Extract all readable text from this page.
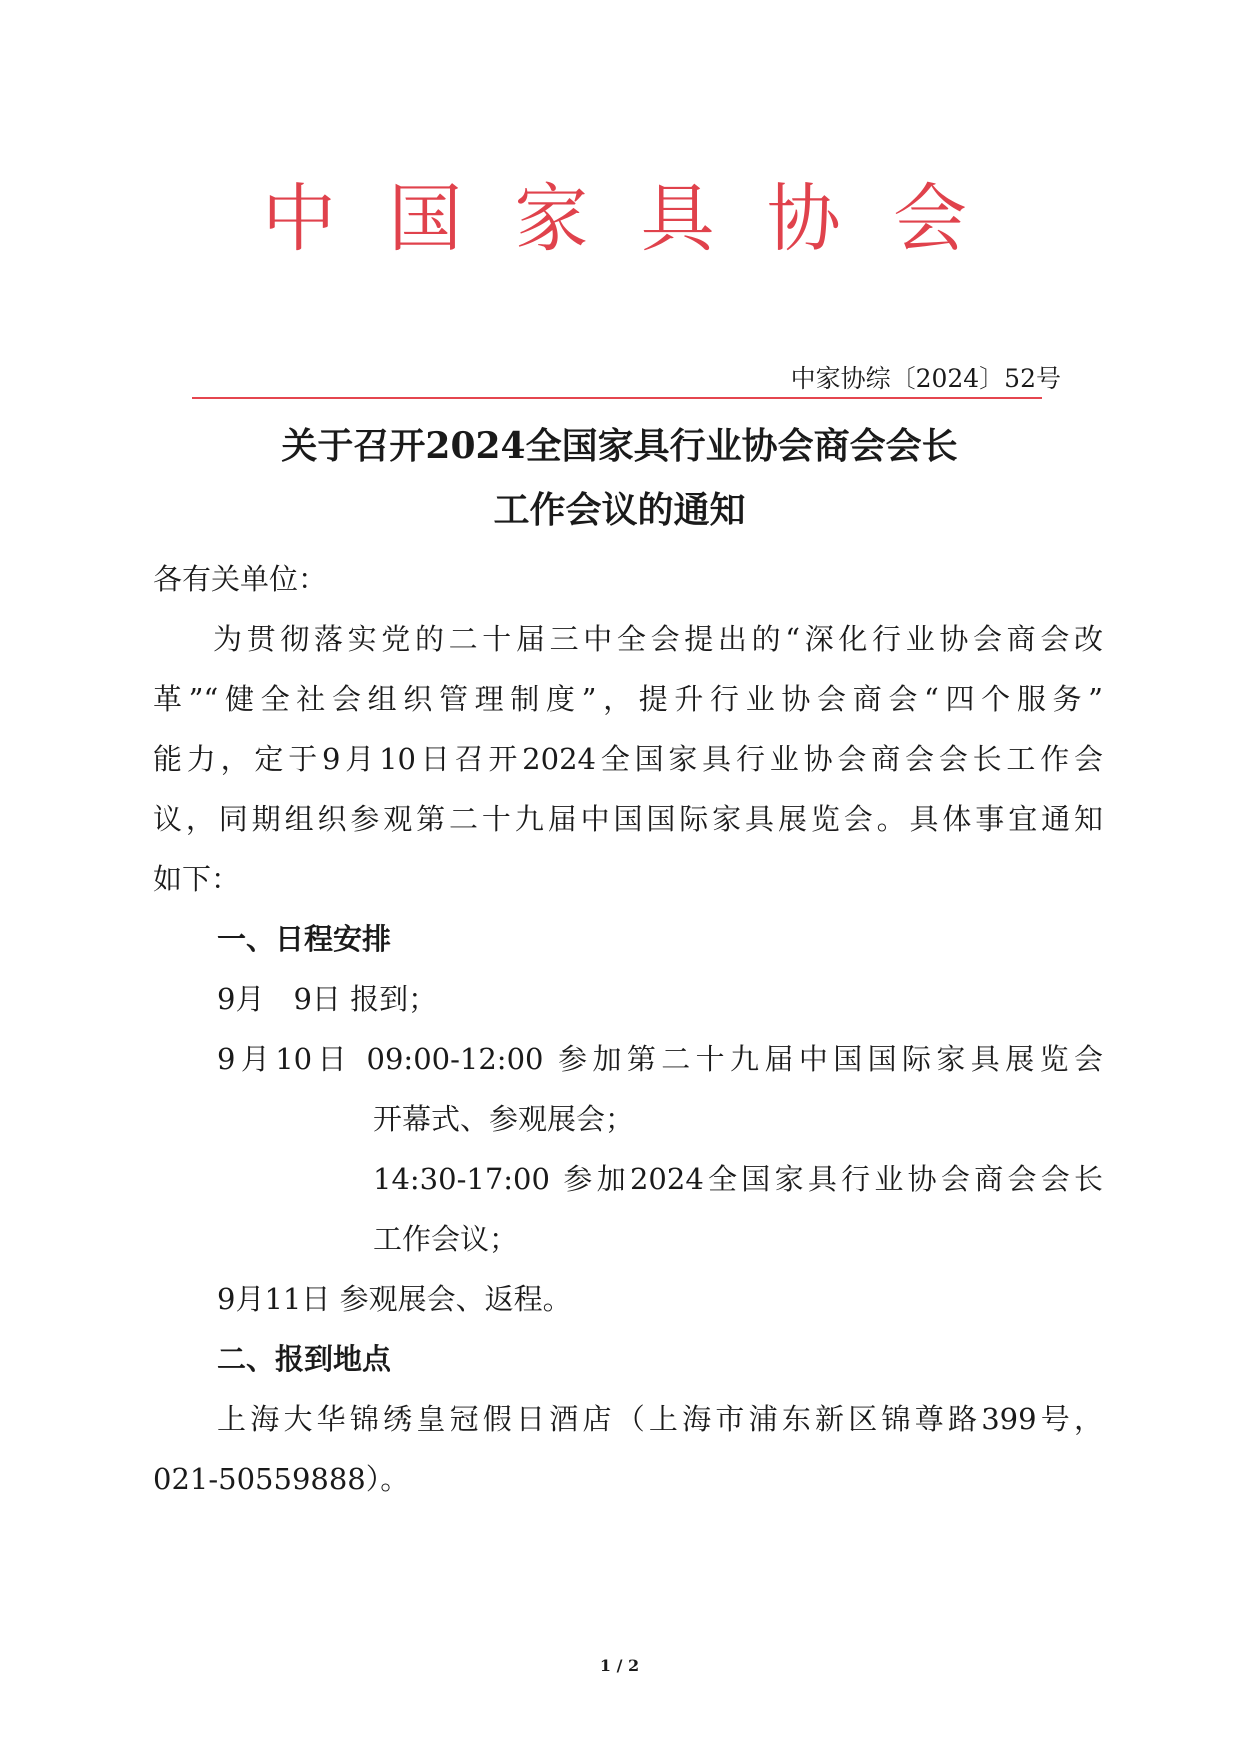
中 国 家 具 协 会
中家协综〔2024〕52号
关于召开2024全国家具行业协会商会会长
工作会议的通知
各有关单位：
为贯彻落实党的二十届三中全会提出的“深化行业协会商会改
革”“健全社会组织管理制度”，提升行业协会商会“四个服务”
能力，定于9月10日召开2024全国家具行业协会商会会长工作会
议，同期组织参观第二十九届中国国际家具展览会。具体事宜通知
如下：
一、日程安排
9月　9日 报到；
9月10日 09:00-12:00 参加第二十九届中国国际家具展览会
开幕式、参观展会；
14:30-17:00 参加2024全国家具行业协会商会会长
工作会议；
9月11日 参观展会、返程。
二、报到地点
上海大华锦绣皇冠假日酒店（上海市浦东新区锦尊路399号，
021-50559888）。
1 / 2
